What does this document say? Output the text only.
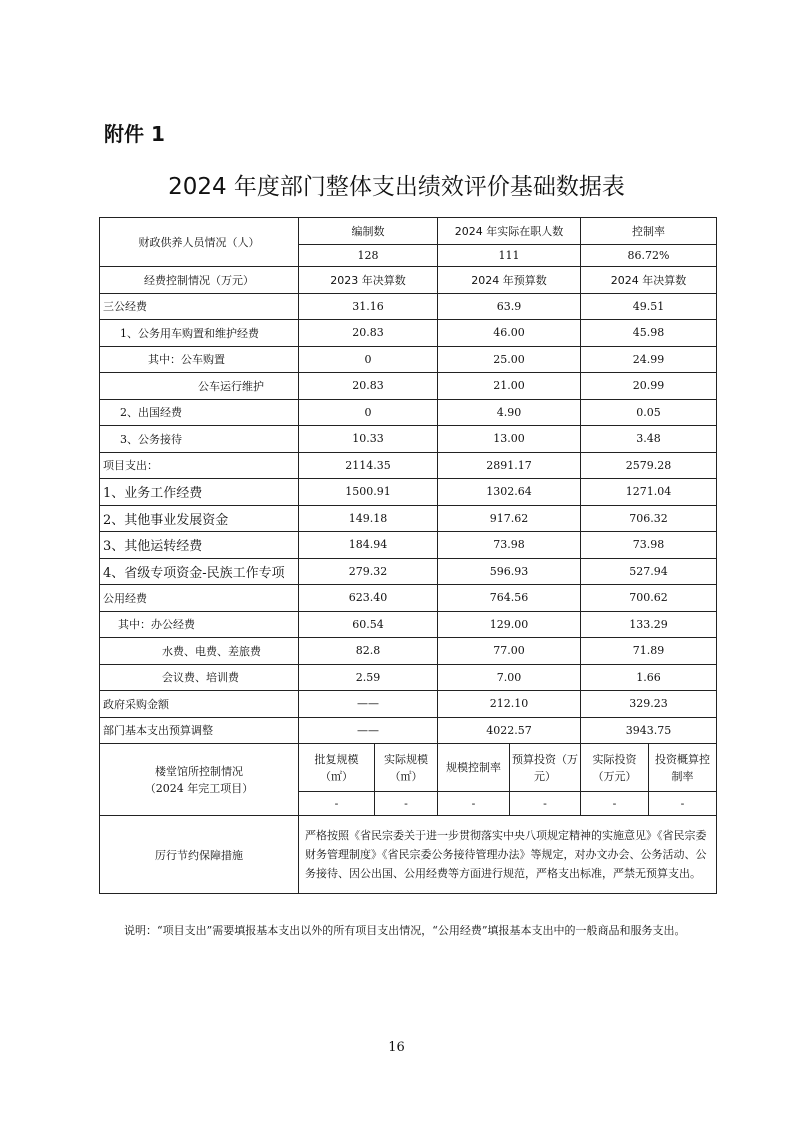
附件 1
2024 年度部门整体支出绩效评价基础数据表
财政供养人员情况（人）	编制数		2024 年实际在职人数		控制率	
	128		111		86.72%	
经费控制情况（万元）	2023 年决算数		2024 年预算数		2024 年决算数	
三公经费	31.16		63.9		49.51	
1、公务用车购置和维护经费	20.83		46.00		45.98	
其中：公车购置	0		25.00		24.99	
公车运行维护	20.83		21.00		20.99	
2、出国经费	0		4.90		0.05	
3、公务接待	10.33		13.00		3.48	
项目支出：	2114.35		2891.17		2579.28	
1、业务工作经费	1500.91		1302.64		1271.04	
2、其他事业发展资金	149.18		917.62		706.32	
3、其他运转经费	184.94		73.98		73.98	
4、省级专项资金-民族工作专项	279.32		596.93		527.94	
公用经费	623.40		764.56		700.62	
其中：办公经费	60.54		129.00		133.29	
水费、电费、差旅费	82.8		77.00		71.89	
会议费、培训费	2.59		7.00		1.66	
政府采购金额	——		212.10		329.23	
部门基本支出预算调整	——		4022.57		3943.75	

楼堂馆所控制情况
（2024 年完工项目）	批复规模（㎡）	实际规模（㎡）	规模控制率	预算投资（万元）	实际投资（万元）	投资概算控制率
	-	-	-	-	-	-
厉行节约保障措施	严格按照《省民宗委关于进一步贯彻落实中央八项规定精神的实施意见》《省民宗委财务管理制度》《省民宗委公务接待管理办法》等规定，对办文办会、公务活动、公务接待、因公出国、公用经费等方面进行规范，严格支出标准，严禁无预算支出。					
说明：“项目支出”需要填报基本支出以外的所有项目支出情况，“公用经费”填报基本支出中的一般商品和服务支出。
16
